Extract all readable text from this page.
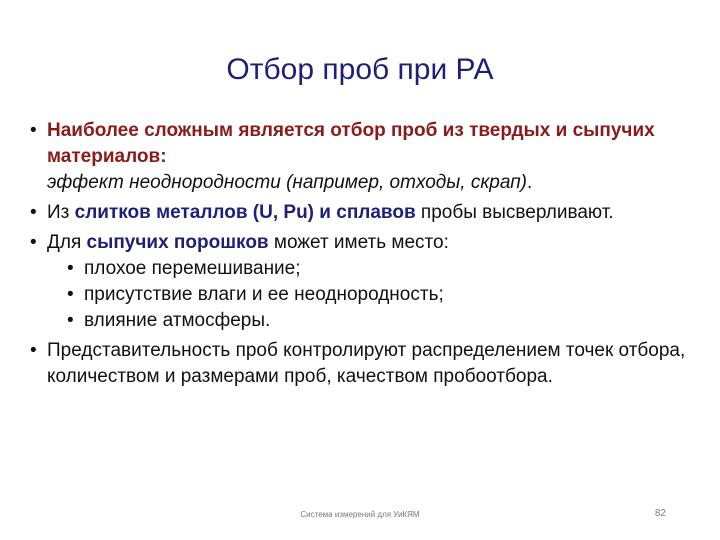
Отбор проб при РА
• Наиболее сложным является отбор проб из твердых и сыпучих материалов:
эффект неоднородности (например, отходы, скрап).
• Из слитков металлов (U, Pu) и сплавов пробы высверливают.
• Для сыпучих порошков может иметь место:
• плохое перемешивание;
• присутствие влаги и ее неоднородность;
• влияние атмосферы.
• Представительность проб контролируют распределением точек отбора, количеством и размерами проб, качеством пробоотбора.
Система измерений для УиКЯМ	82
